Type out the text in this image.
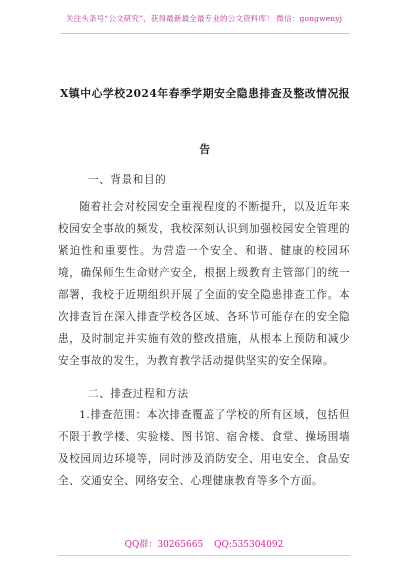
关注头条号“公文研究”，获得最新最全最专业的公文资料库！ 微信：gongwenyj
X镇中心学校2024年春季学期安全隐患排查及整改情况报告
一、背景和目的
随着社会对校园安全重视程度的不断提升，以及近年来校园安全事故的频发，我校深刻认识到加强校园安全管理的紧迫性和重要性。为营造一个安全、和谐、健康的校园环境，确保师生生命财产安全，根据上级教育主管部门的统一部署，我校于近期组织开展了全面的安全隐患排查工作。本次排查旨在深入排查学校各区域、各环节可能存在的安全隐患，及时制定并实施有效的整改措施，从根本上预防和减少安全事故的发生，为教育教学活动提供坚实的安全保障。
二、排查过程和方法
1.排查范围：本次排查覆盖了学校的所有区域，包括但不限于教学楼、实验楼、图书馆、宿舍楼、食堂、操场围墙及校园周边环境等，同时涉及消防安全、用电安全、食品安全、交通安全、网络安全、心理健康教育等多个方面。
QQ群：30265665 QQ:535304092
